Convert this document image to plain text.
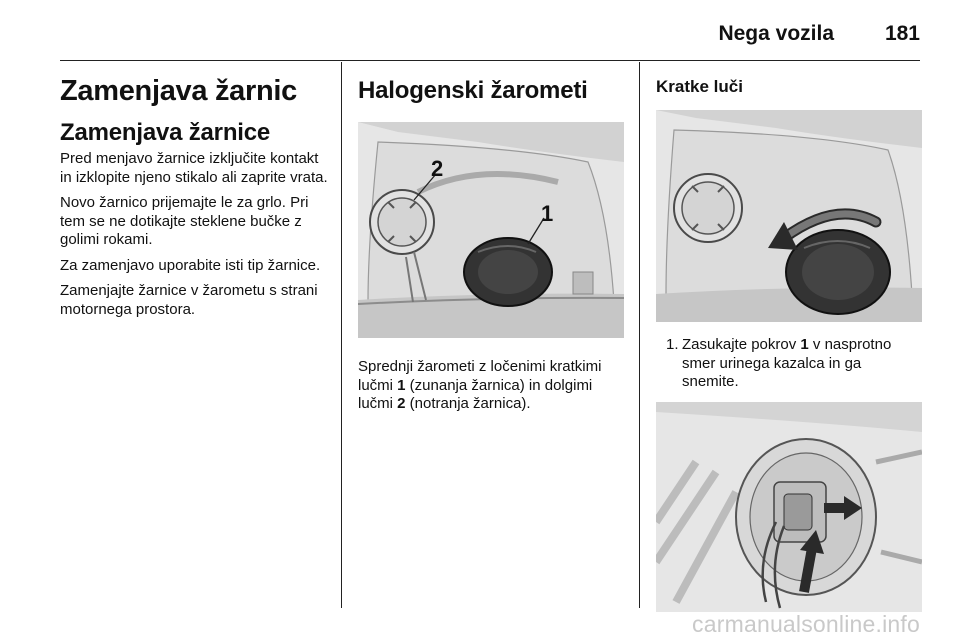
Nega vozila 181
Zamenjava žarnic
Zamenjava žarnice

Pred menjavo žarnice izključite kontakt in izklopite njeno stikalo ali zaprite vrata.

Novo žarnico prijemajte le za grlo. Pri tem se ne dotikajte steklene bučke z golimi rokami.

Za zamenjavo uporabite isti tip žarnice.

Zamenjajte žarnice v žarometu s strani motornega prostora.

Halogenski žarometi
2
1

Sprednji žarometi z ločenimi kratkimi lučmi 1 (zunanja žarnica) in dolgimi lučmi 2 (notranja žarnica).

Kratke luči
1. Zasukajte pokrov 1 v nasprotno smer urinega kazalca in ga snemite.
carmanualsonline.info
